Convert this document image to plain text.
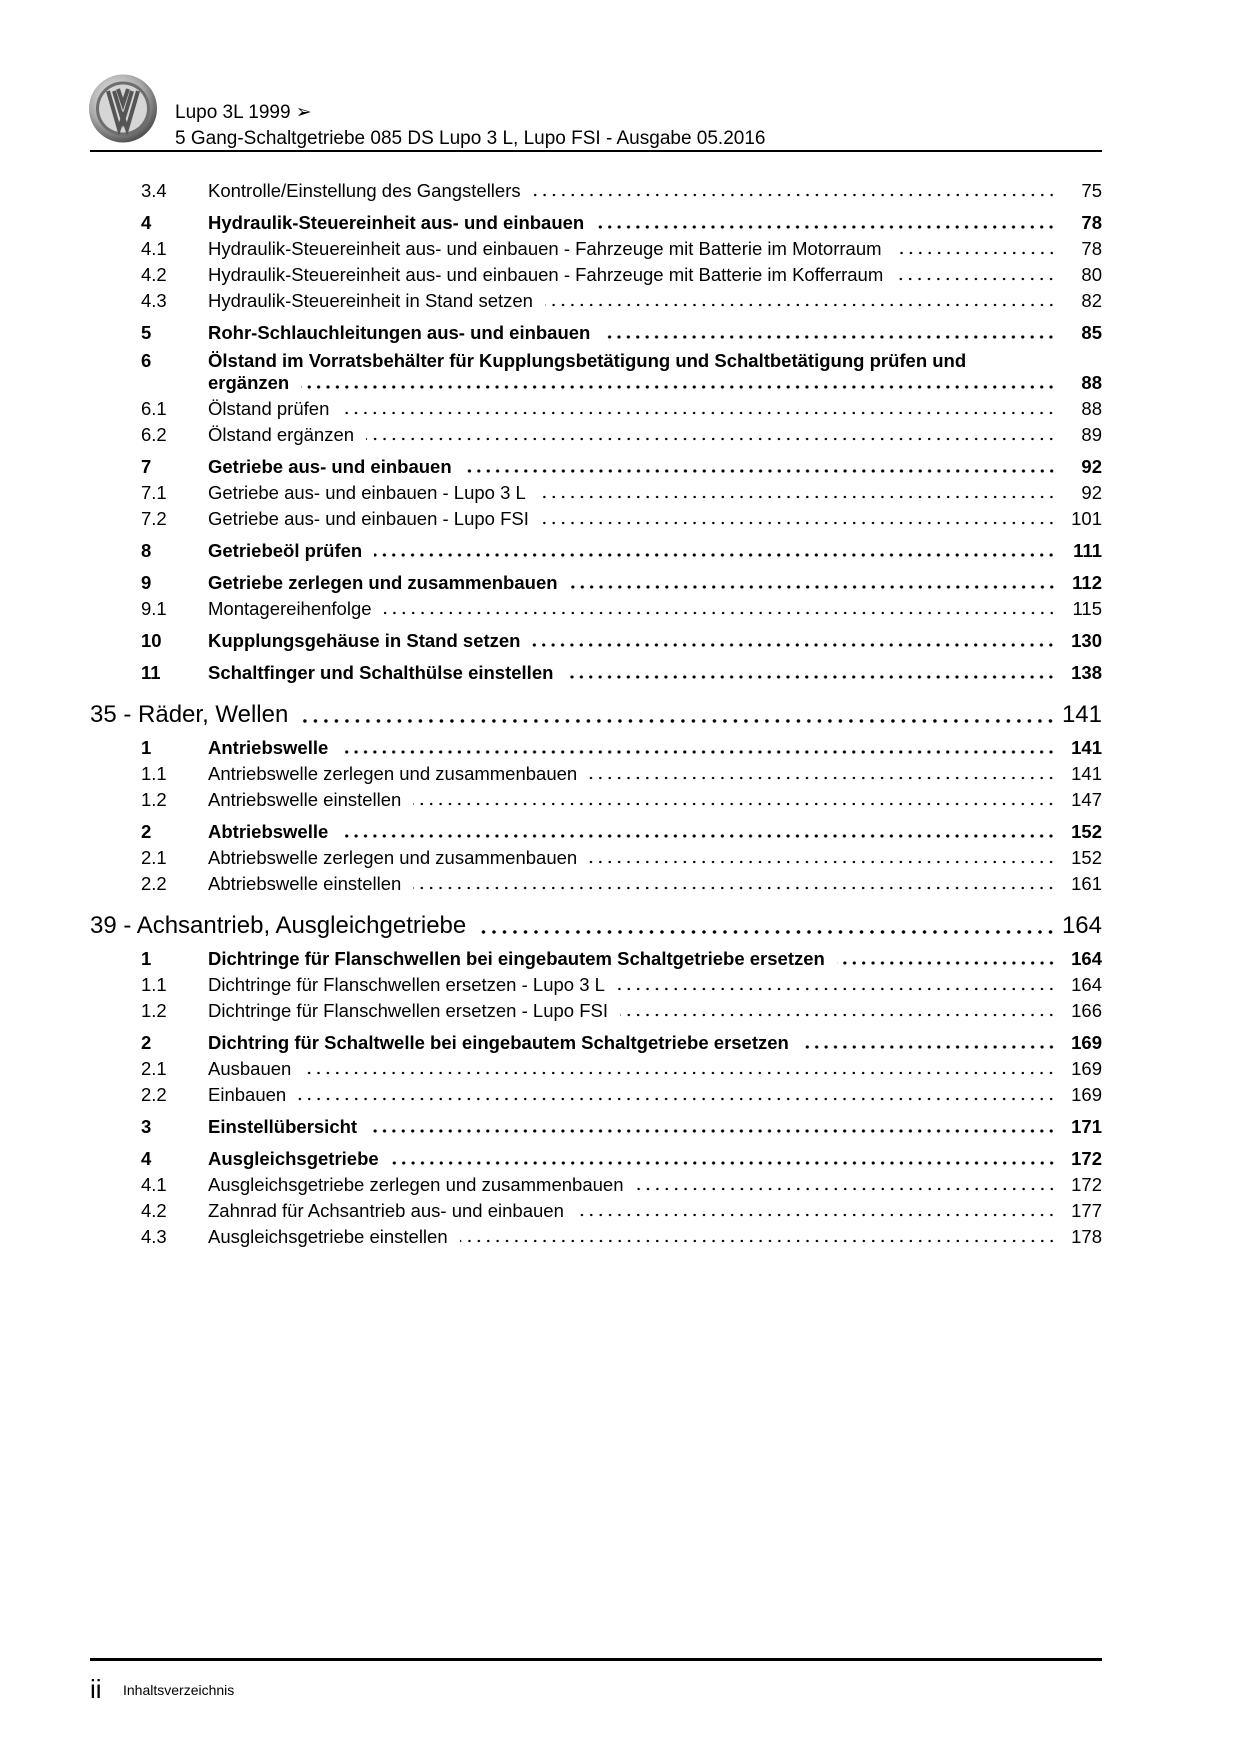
Lupo 3L 1999 ➢
5 Gang-Schaltgetriebe 085 DS Lupo 3 L, Lupo FSI - Ausgabe 05.2016
3.4	Kontrolle/Einstellung des Gangstellers	75
4	Hydraulik-Steuereinheit aus- und einbauen	78
4.1	Hydraulik-Steuereinheit aus- und einbauen - Fahrzeuge mit Batterie im Motorraum	78
4.2	Hydraulik-Steuereinheit aus- und einbauen - Fahrzeuge mit Batterie im Kofferraum	80
4.3	Hydraulik-Steuereinheit in Stand setzen	82
5	Rohr-Schlauchleitungen aus- und einbauen	85
6	Ölstand im Vorratsbehälter für Kupplungsbetätigung und Schaltbetätigung prüfen und
ergänzen	88
6.1	Ölstand prüfen	88
6.2	Ölstand ergänzen	89
7	Getriebe aus- und einbauen	92
7.1	Getriebe aus- und einbauen - Lupo 3 L	92
7.2	Getriebe aus- und einbauen - Lupo FSI	101
8	Getriebeöl prüfen	111
9	Getriebe zerlegen und zusammenbauen	112
9.1	Montagereihenfolge	115
10	Kupplungsgehäuse in Stand setzen	130
11	Schaltfinger und Schalthülse einstellen	138
35 - Räder, Wellen	141
1	Antriebswelle	141
1.1	Antriebswelle zerlegen und zusammenbauen	141
1.2	Antriebswelle einstellen	147
2	Abtriebswelle	152
2.1	Abtriebswelle zerlegen und zusammenbauen	152
2.2	Abtriebswelle einstellen	161
39 - Achsantrieb, Ausgleichgetriebe	164
1	Dichtringe für Flanschwellen bei eingebautem Schaltgetriebe ersetzen	164
1.1	Dichtringe für Flanschwellen ersetzen - Lupo 3 L	164
1.2	Dichtringe für Flanschwellen ersetzen - Lupo FSI	166
2	Dichtring für Schaltwelle bei eingebautem Schaltgetriebe ersetzen	169
2.1	Ausbauen	169
2.2	Einbauen	169
3	Einstellübersicht	171
4	Ausgleichsgetriebe	172
4.1	Ausgleichsgetriebe zerlegen und zusammenbauen	172
4.2	Zahnrad für Achsantrieb aus- und einbauen	177
4.3	Ausgleichsgetriebe einstellen	178
ii Inhaltsverzeichnis
